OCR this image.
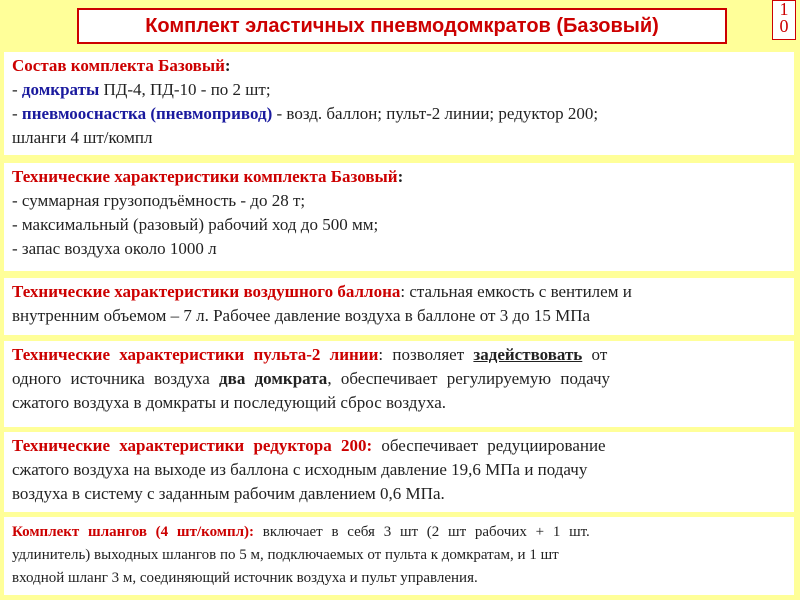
Комплект эластичных пневмодомкратов (Базовый)
1
0
Состав комплекта Базовый:
- домкраты ПД-4, ПД-10 - по 2 шт;
- пневмооснастка (пневмопривод) - возд. баллон; пульт-2 линии; редуктор 200;
шланги 4 шт/компл
Технические характеристики комплекта Базовый:
- суммарная грузоподъёмность - до 28 т;
- максимальный (разовый) рабочий ход до 500 мм;
- запас воздуха около 1000 л
Технические характеристики воздушного баллона: стальная емкость с вентилем и
внутренним объемом – 7 л. Рабочее давление воздуха в баллоне от 3 до 15 МПа
Технические характеристики пульта-2 линии: позволяет задействовать от
одного источника воздуха два домкрата, обеспечивает регулируемую подачу
сжатого воздуха в домкраты и последующий сброс воздуха.
Технические характеристики редуктора 200: обеспечивает редуциирование
сжатого воздуха на выходе из баллона с исходным давление 19,6 МПа и подачу
воздуха в систему с заданным рабочим давлением 0,6 МПа.
Комплект шлангов (4 шт/компл): включает в себя 3 шт (2 шт рабочих + 1 шт.
удлинитель) выходных шлангов по 5 м, подключаемых от пульта к домкратам, и 1 шт
входной шланг 3 м, соединяющий источник воздуха и пульт управления.
